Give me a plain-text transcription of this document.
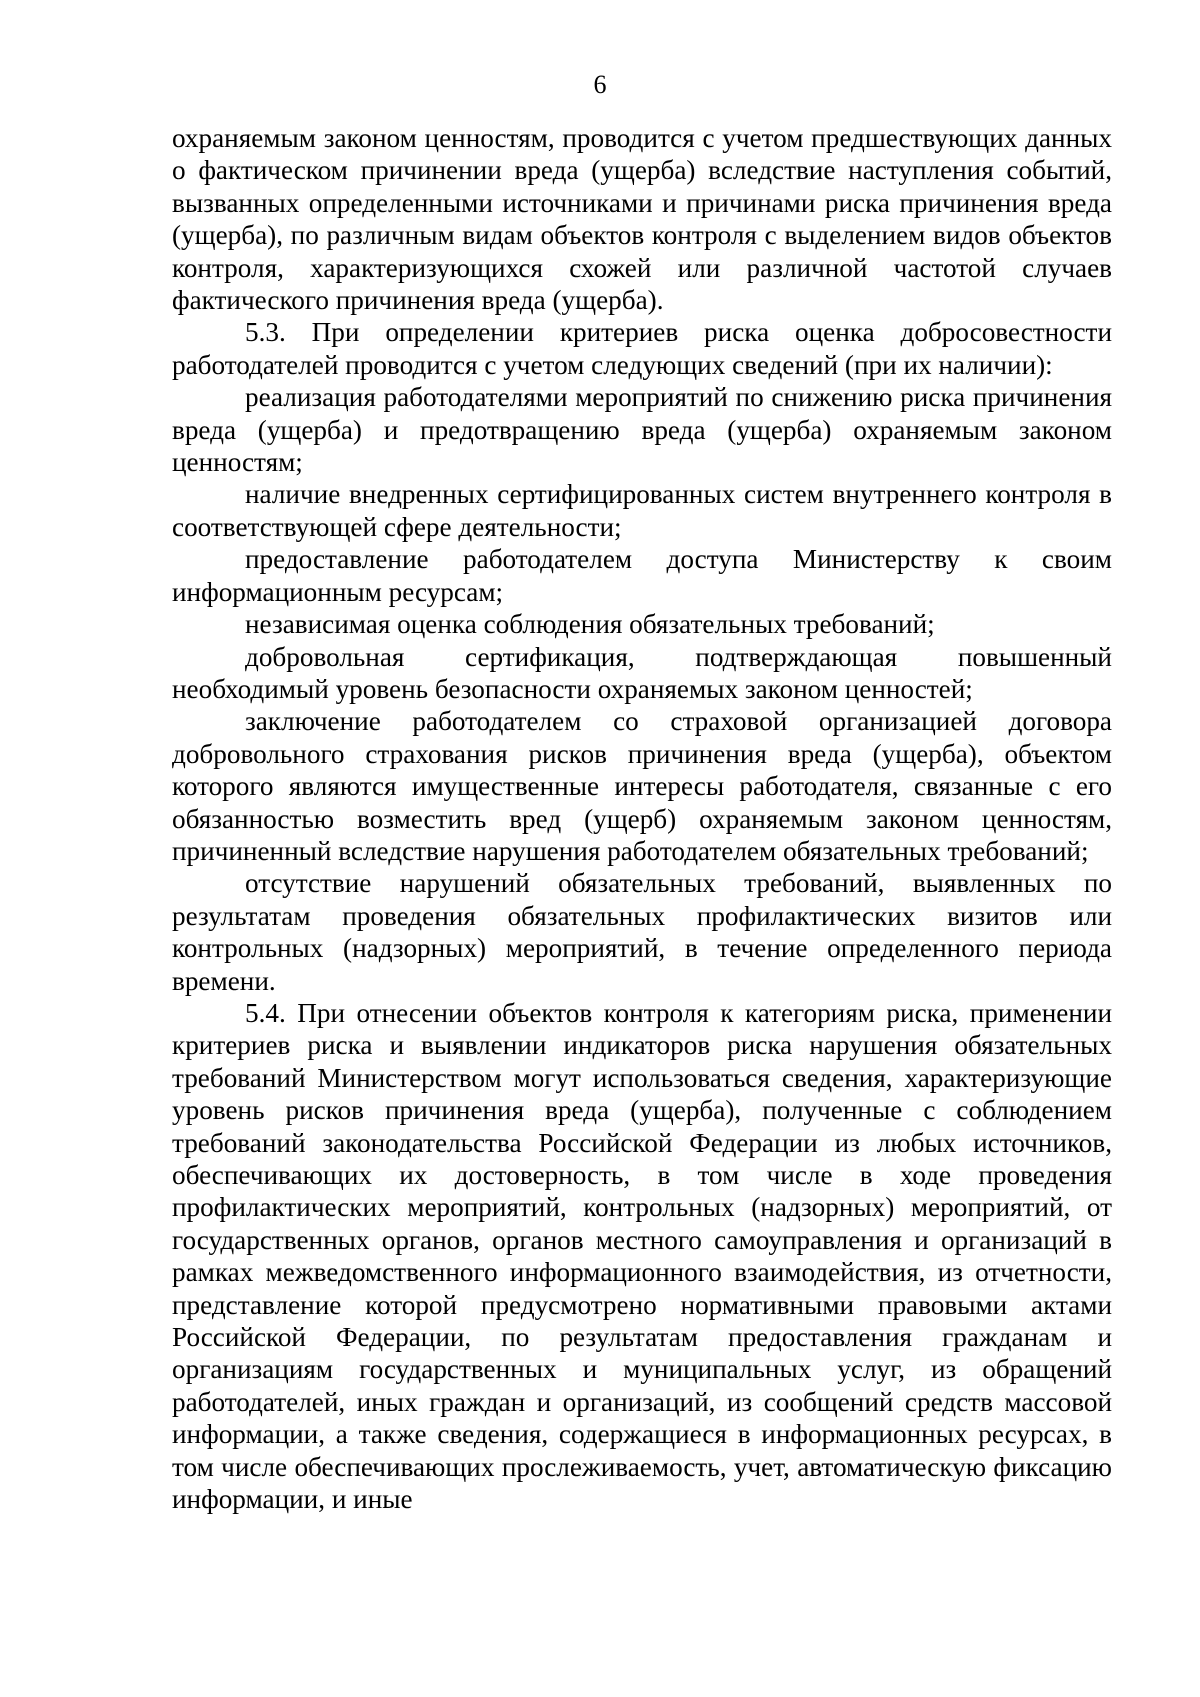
6

охраняемым законом ценностям, проводится с учетом предшествующих данных о фактическом причинении вреда (ущерба) вследствие наступления событий, вызванных определенными источниками и причинами риска причинения вреда (ущерба), по различным видам объектов контроля с выделением видов объектов контроля, характеризующихся схожей или различной частотой случаев фактического причинения вреда (ущерба).

5.3. При определении критериев риска оценка добросовестности работодателей проводится с учетом следующих сведений (при их наличии):

реализация работодателями мероприятий по снижению риска причинения вреда (ущерба) и предотвращению вреда (ущерба) охраняемым законом ценностям;

наличие внедренных сертифицированных систем внутреннего контроля в соответствующей сфере деятельности;

предоставление работодателем доступа Министерству к своим информационным ресурсам;

независимая оценка соблюдения обязательных требований;

добровольная сертификация, подтверждающая повышенный необходимый уровень безопасности охраняемых законом ценностей;

заключение работодателем со страховой организацией договора добровольного страхования рисков причинения вреда (ущерба), объектом которого являются имущественные интересы работодателя, связанные с его обязанностью возместить вред (ущерб) охраняемым законом ценностям, причиненный вследствие нарушения работодателем обязательных требований;

отсутствие нарушений обязательных требований, выявленных по результатам проведения обязательных профилактических визитов или контрольных (надзорных) мероприятий, в течение определенного периода времени.

5.4. При отнесении объектов контроля к категориям риска, применении критериев риска и выявлении индикаторов риска нарушения обязательных требований Министерством могут использоваться сведения, характеризующие уровень рисков причинения вреда (ущерба), полученные с соблюдением требований законодательства Российской Федерации из любых источников, обеспечивающих их достоверность, в том числе в ходе проведения профилактических мероприятий, контрольных (надзорных) мероприятий, от государственных органов, органов местного самоуправления и организаций в рамках межведомственного информационного взаимодействия, из отчетности, представление которой предусмотрено нормативными правовыми актами Российской Федерации, по результатам предоставления гражданам и организациям государственных и муниципальных услуг, из обращений работодателей, иных граждан и организаций, из сообщений средств массовой информации, а также сведения, содержащиеся в информационных ресурсах, в том числе обеспечивающих прослеживаемость, учет, автоматическую фиксацию информации, и иные
